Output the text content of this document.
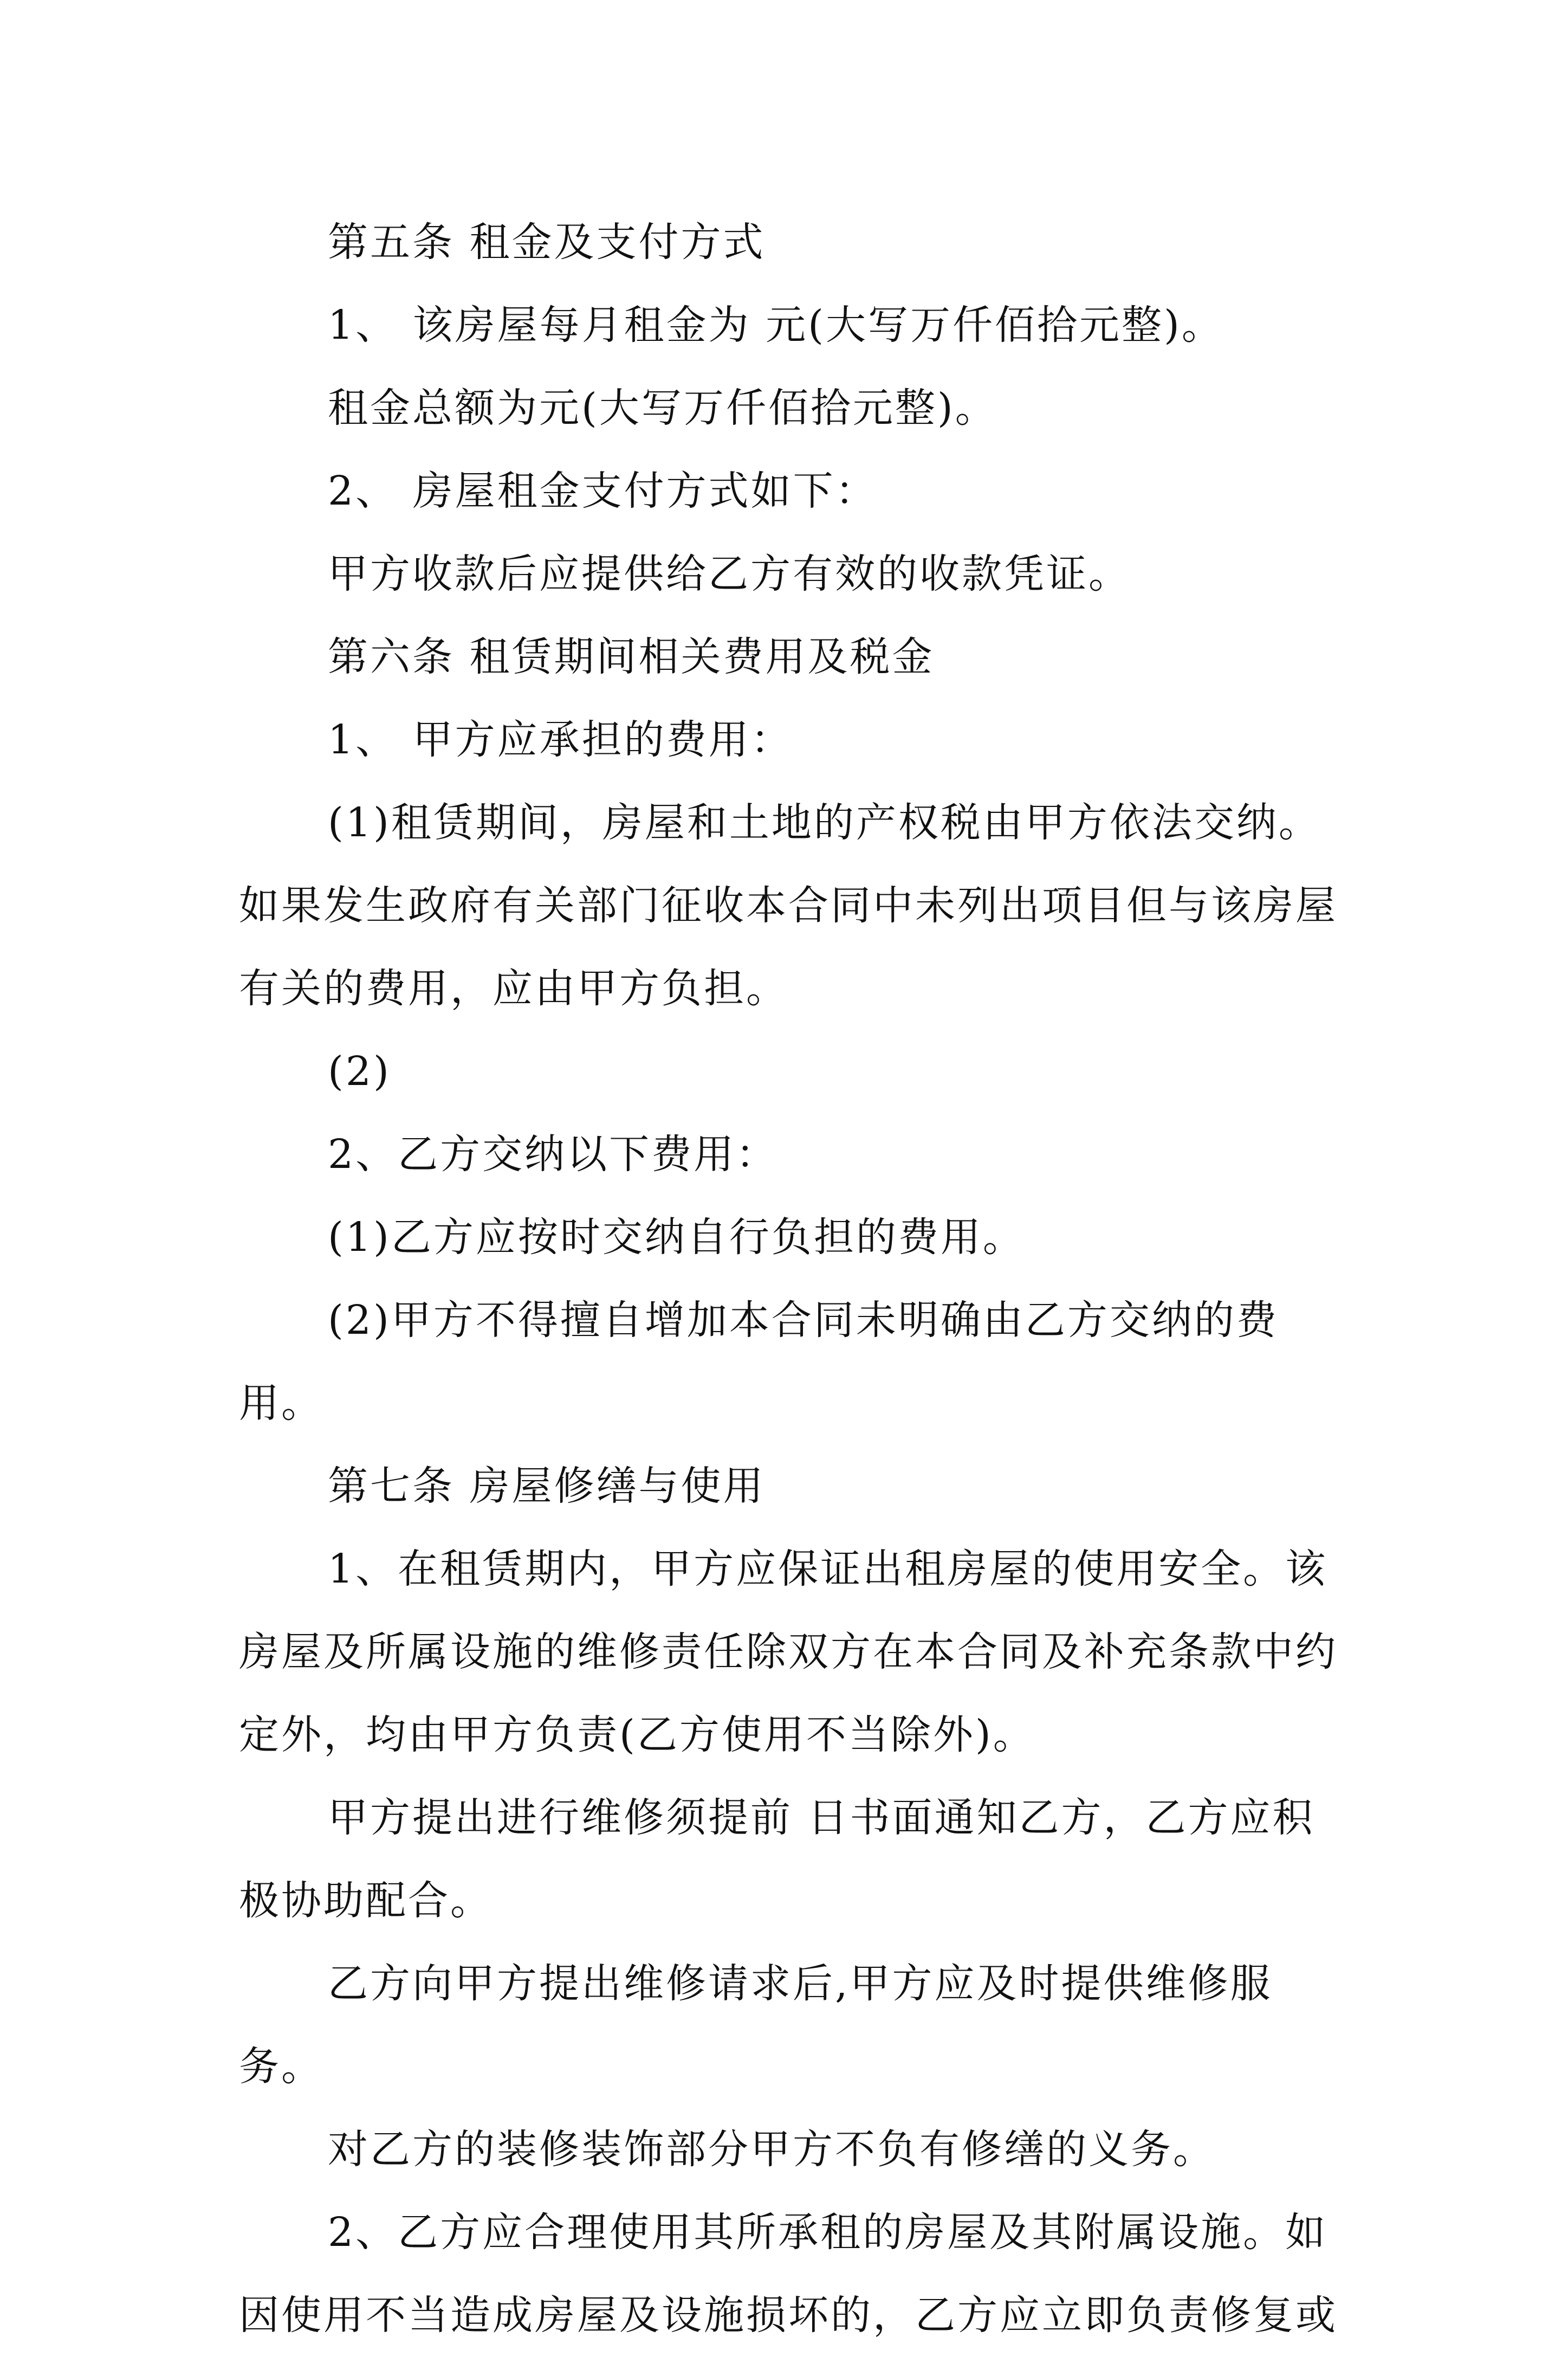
第五条 租金及支付方式

1、 该房屋每月租金为 元(大写万仟佰拾元整)。

租金总额为元(大写万仟佰拾元整)。

2、 房屋租金支付方式如下：

甲方收款后应提供给乙方有效的收款凭证。

第六条 租赁期间相关费用及税金

1、 甲方应承担的费用：

(1)租赁期间，房屋和土地的产权税由甲方依法交纳。如果发生政府有关部门征收本合同中未列出项目但与该房屋有关的费用，应由甲方负担。

(2)

2、乙方交纳以下费用：

(1)乙方应按时交纳自行负担的费用。

(2)甲方不得擅自增加本合同未明确由乙方交纳的费用。

第七条 房屋修缮与使用

1、在租赁期内，甲方应保证出租房屋的使用安全。该房屋及所属设施的维修责任除双方在本合同及补充条款中约定外，均由甲方负责(乙方使用不当除外)。

甲方提出进行维修须提前 日书面通知乙方，乙方应积极协助配合。

乙方向甲方提出维修请求后,甲方应及时提供维修服务。

对乙方的装修装饰部分甲方不负有修缮的义务。

2、乙方应合理使用其所承租的房屋及其附属设施。如因使用不当造成房屋及设施损坏的，乙方应立即负责修复或
